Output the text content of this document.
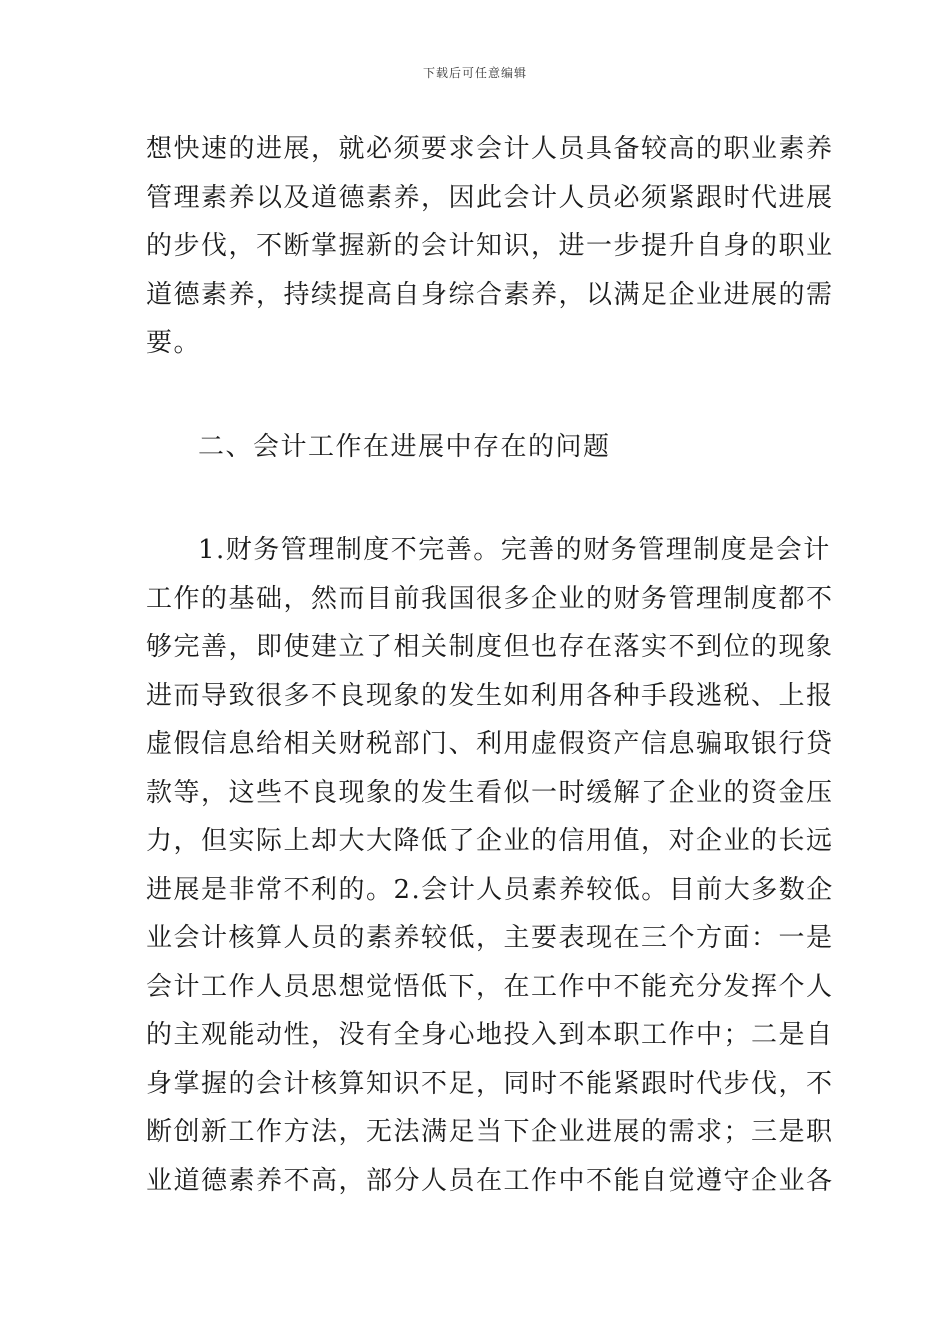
下载后可任意编辑
想快速的进展，就必须要求会计人员具备较高的职业素养
管理素养以及道德素养，因此会计人员必须紧跟时代进展
的步伐，不断掌握新的会计知识，进一步提升自身的职业
道德素养，持续提高自身综合素养，以满足企业进展的需
要。
二、会计工作在进展中存在的问题
1.财务管理制度不完善。完善的财务管理制度是会计
工作的基础，然而目前我国很多企业的财务管理制度都不
够完善，即使建立了相关制度但也存在落实不到位的现象
进而导致很多不良现象的发生如利用各种手段逃税、上报
虚假信息给相关财税部门、利用虚假资产信息骗取银行贷
款等，这些不良现象的发生看似一时缓解了企业的资金压
力，但实际上却大大降低了企业的信用值，对企业的长远
进展是非常不利的。2.会计人员素养较低。目前大多数企
业会计核算人员的素养较低，主要表现在三个方面：一是
会计工作人员思想觉悟低下，在工作中不能充分发挥个人
的主观能动性，没有全身心地投入到本职工作中；二是自
身掌握的会计核算知识不足，同时不能紧跟时代步伐，不
断创新工作方法，无法满足当下企业进展的需求；三是职
业道德素养不高，部分人员在工作中不能自觉遵守企业各
